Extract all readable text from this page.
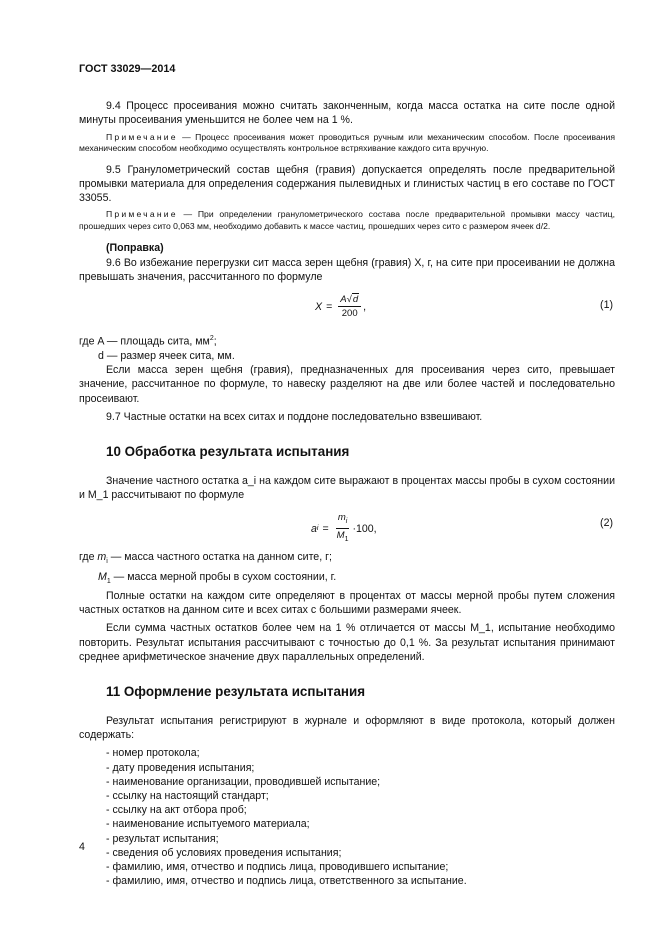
ГОСТ 33029—2014

9.4 Процесс просеивания можно считать законченным, когда масса остатка на сите после одной минуты просеивания уменьшится не более чем на 1 %.

Примечание — Процесс просеивания может проводиться ручным или механическим способом. После просеивания механическим способом необходимо осуществлять контрольное встряхивание каждого сита вручную.

9.5 Гранулометрический состав щебня (гравия) допускается определять после предварительной промывки материала для определения содержания пылевидных и глинистых частиц в его составе по ГОСТ 33055.

Примечание — При определении гранулометрического состава после предварительной промывки массу частиц, прошедших через сито 0,063 мм, необходимо добавить к массе частиц, прошедших через сито с размером ячеек d/2.

(Поправка)

9.6 Во избежание перегрузки сит масса зерен щебня (гравия) X, г, на сите при просеивании не должна превышать значения, рассчитанного по формуле

$X = \frac{A√d}{200}$ ,	(1)

где A — площадь сита, $мм^2$;

d — размер ячеек сита, мм.

Если масса зерен щебня (гравия), предназначенных для просеивания через сито, превышает значение, рассчитанное по формуле, то навеску разделяют на две или более частей и последовательно просеивают.

9.7 Частные остатки на всех ситах и поддоне последовательно взвешивают.

10 Обработка результата испытания

Значение частного остатка a_i на каждом сите выражают в процентах массы пробы в сухом состоянии и M_1 рассчитывают по формуле

a $i = \frac{m_i}{M_1} \cdot 100$,	(2)

где $m_i$ — масса частного остатка на данном сите, г;

$M_1$ — масса мерной пробы в сухом состоянии, г.

Полные остатки на каждом сите определяют в процентах от массы мерной пробы путем сложения частных остатков на данном сите и всех ситах с большими размерами ячеек.

Если сумма частных остатков более чем на 1 % отличается от массы M_1, испытание необходимо повторить. Результат испытания рассчитывают с точностью до 0,1 %. За результат испытания принимают среднее арифметическое значение двух параллельных определений.

11 Оформление результата испытания

Результат испытания регистрируют в журнале и оформляют в виде протокола, который должен содержать:

- номер протокола;
- дату проведения испытания;
- наименование организации, проводившей испытание;
- ссылку на настоящий стандарт;
- ссылку на акт отбора проб;
- наименование испытуемого материала;
- результат испытания;
- сведения об условиях проведения испытания;
- фамилию, имя, отчество и подпись лица, проводившего испытание;
- фамилию, имя, отчество и подпись лица, ответственного за испытание.
4
